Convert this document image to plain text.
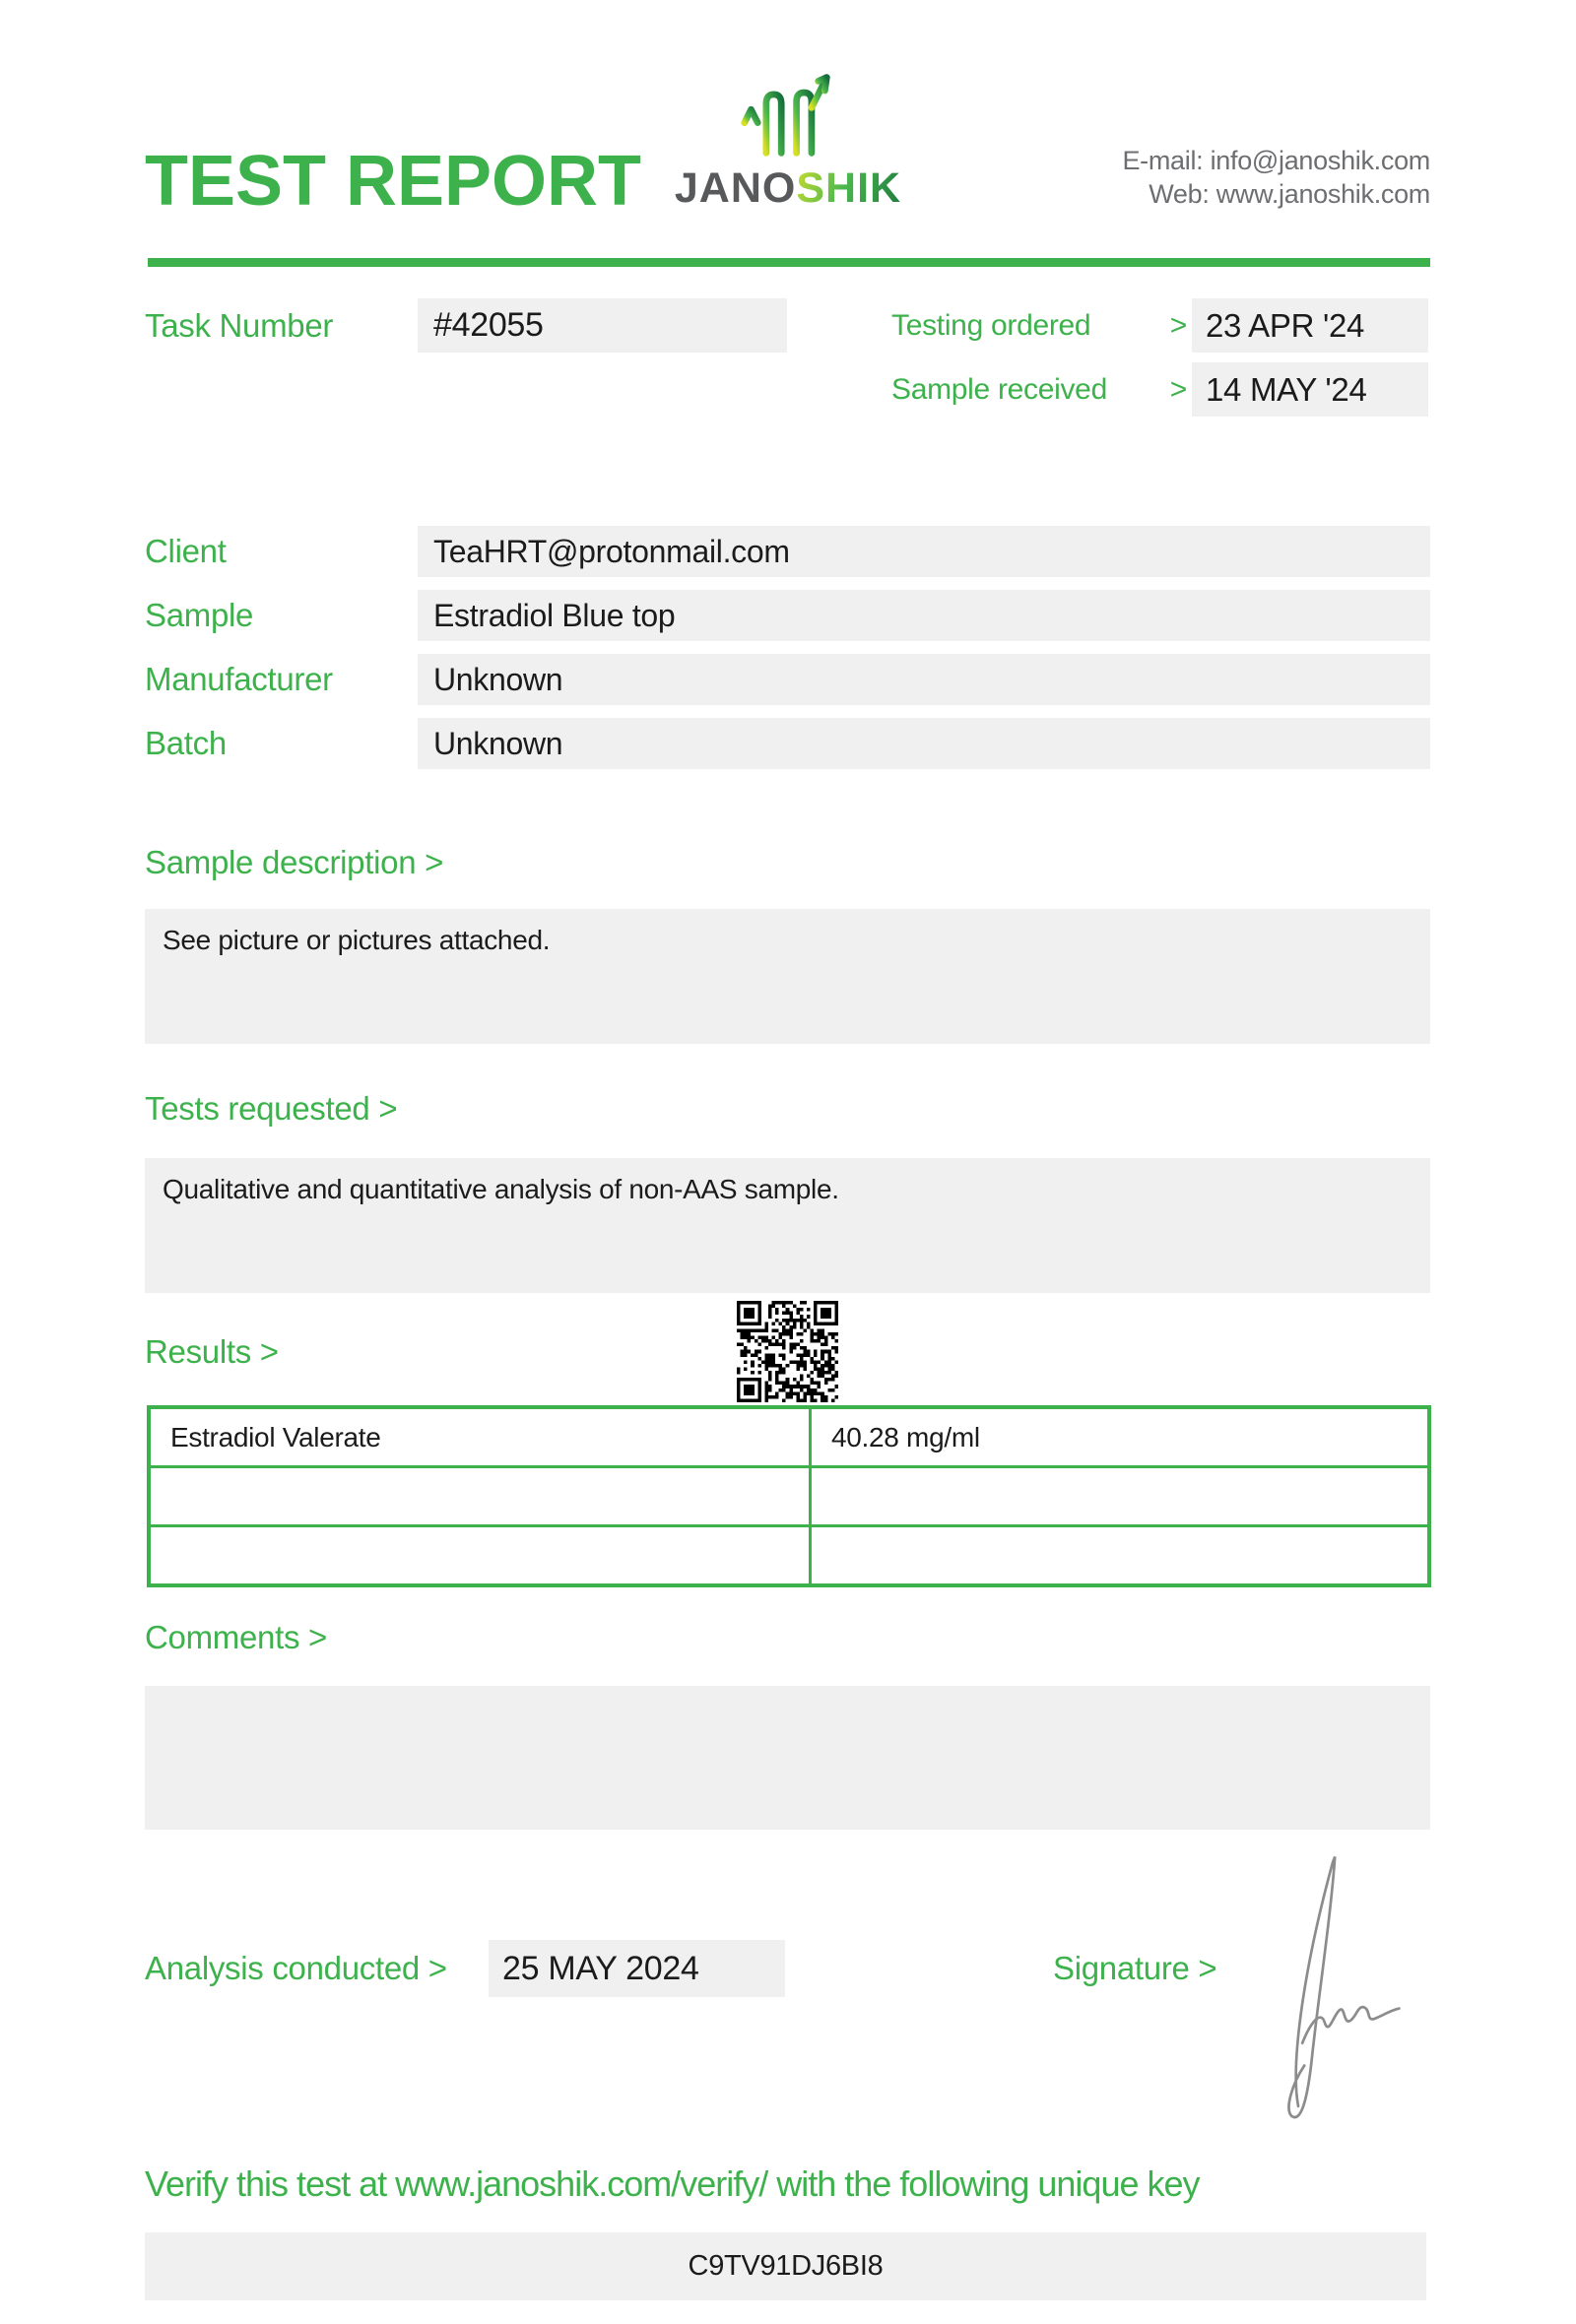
TEST REPORT JANOSHIK
E-mail: info@janoshik.com
Web: www.janoshik.com
Task Number	#42055	Testing ordered	> 23 APR '24
Sample received > 14 MAY '24
Client	TeaHRT@protonmail.com
Sample	Estradiol Blue top
Manufacturer	Unknown
Batch	Unknown
Sample description >
See picture or pictures attached.
Tests requested >
Qualitative and quantitative analysis of non-AAS sample.
Results >
Estradiol Valerate	40.28 mg/ml

Comments >
Analysis conducted >	25 MAY 2024	Signature >
Verify this test at www.janoshik.com/verify/ with the following unique key
C9TV91DJ6BI8
